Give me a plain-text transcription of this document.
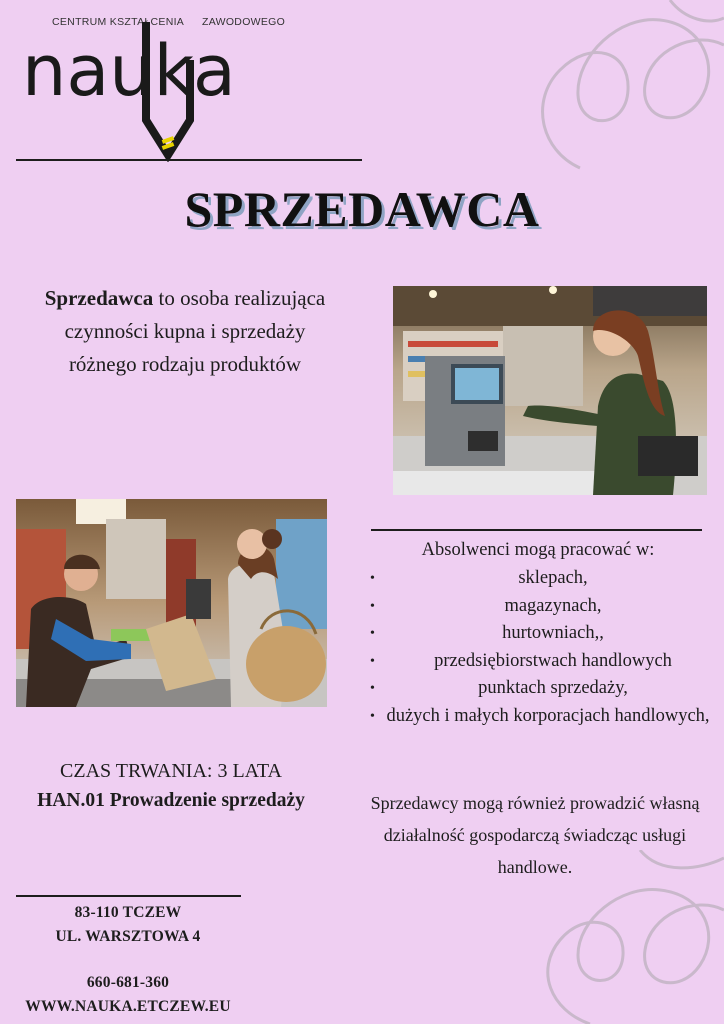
CENTRUM KSZTAŁCENIA ZAWODOWEGO
nauka
SPRZEDAWCA
Sprzedawca to osoba realizująca czynności kupna i sprzedaży różnego rodzaju produktów
Absolwenci mogą pracować w:
•	sklepach,
•	magazynach,
•	hurtowniach,,
•	przedsiębiorstwach handlowych
•	punktach sprzedaży,
• dużych i małych korporacjach handlowych,
Sprzedawcy mogą również prowadzić własną działalność gospodarczą świadcząc usługi handlowe.
CZAS TRWANIA: 3 LATA
HAN.01 Prowadzenie sprzedaży
83-110 TCZEW
UL. WARSZTOWA 4
660-681-360
WWW.NAUKA.ETCZEW.EU
